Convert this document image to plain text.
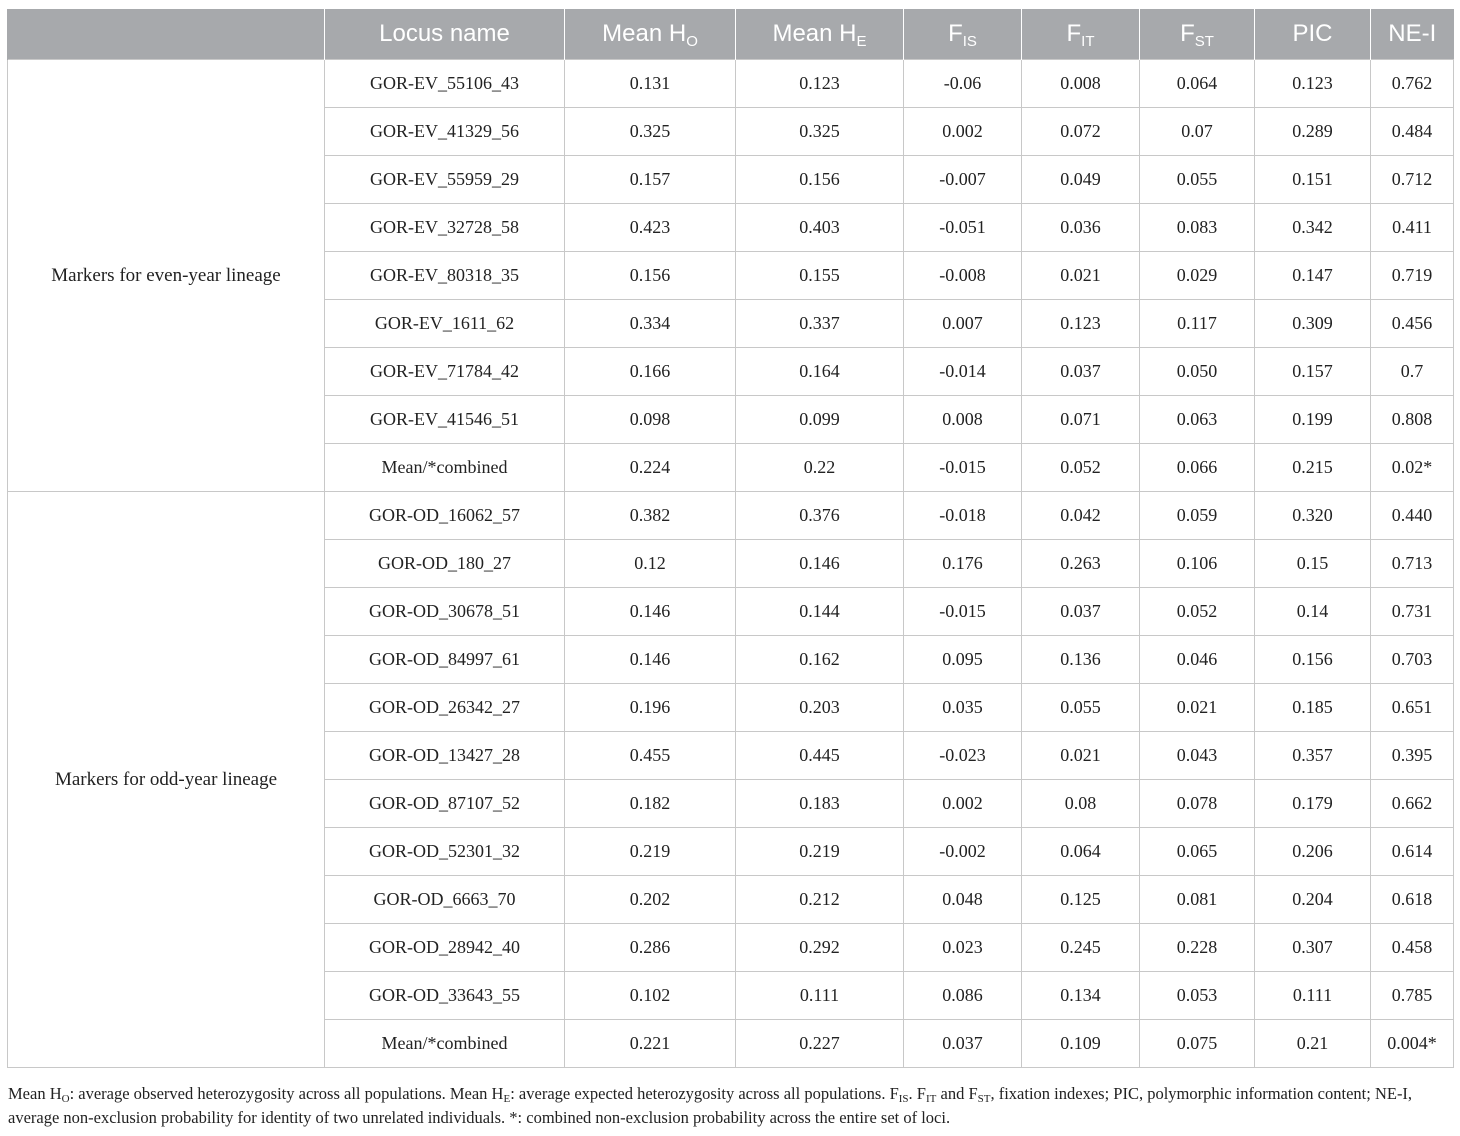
	Locus name	Mean $H_O$	Mean $H_E$	$F_{IS}$	$F_{IT}$	$F_{ST}$	PIC	NE-I
Markers for even-year lineage	GOR-EV_55106_43	0.131	0.123	-0.06	0.008	0.064	0.123	0.762
	GOR-EV_41329_56	0.325	0.325	0.002	0.072	0.07	0.289	0.484
	GOR-EV_55959_29	0.157	0.156	-0.007	0.049	0.055	0.151	0.712
	GOR-EV_32728_58	0.423	0.403	-0.051	0.036	0.083	0.342	0.411
	GOR-EV_80318_35	0.156	0.155	-0.008	0.021	0.029	0.147	0.719
	GOR-EV_1611_62	0.334	0.337	0.007	0.123	0.117	0.309	0.456
	GOR-EV_71784_42	0.166	0.164	-0.014	0.037	0.050	0.157	0.7
	GOR-EV_41546_51	0.098	0.099	0.008	0.071	0.063	0.199	0.808
	Mean/*combined	0.224	0.22	-0.015	0.052	0.066	0.215	0.02*
Markers for odd-year lineage	GOR-OD_16062_57	0.382	0.376	-0.018	0.042	0.059	0.320	0.440
	GOR-OD_180_27	0.12	0.146	0.176	0.263	0.106	0.15	0.713
	GOR-OD_30678_51	0.146	0.144	-0.015	0.037	0.052	0.14	0.731
	GOR-OD_84997_61	0.146	0.162	0.095	0.136	0.046	0.156	0.703
	GOR-OD_26342_27	0.196	0.203	0.035	0.055	0.021	0.185	0.651
	GOR-OD_13427_28	0.455	0.445	-0.023	0.021	0.043	0.357	0.395
	GOR-OD_87107_52	0.182	0.183	0.002	0.08	0.078	0.179	0.662
	GOR-OD_52301_32	0.219	0.219	-0.002	0.064	0.065	0.206	0.614
	GOR-OD_6663_70	0.202	0.212	0.048	0.125	0.081	0.204	0.618
	GOR-OD_28942_40	0.286	0.292	0.023	0.245	0.228	0.307	0.458
	GOR-OD_33643_55	0.102	0.111	0.086	0.134	0.053	0.111	0.785
	Mean/*combined	0.221	0.227	0.037	0.109	0.075	0.21	0.004*
Mean $H_O$: average observed heterozygosity across all populations. Mean $H_E$: average expected heterozygosity across all populations. $F_{IS}$. $F_{IT}$ and $F_{ST}$, fixation indexes; PIC, polymorphic information content; NE-I, average non-exclusion probability for identity of two unrelated individuals. *: combined non-exclusion probability across the entire set of loci.
